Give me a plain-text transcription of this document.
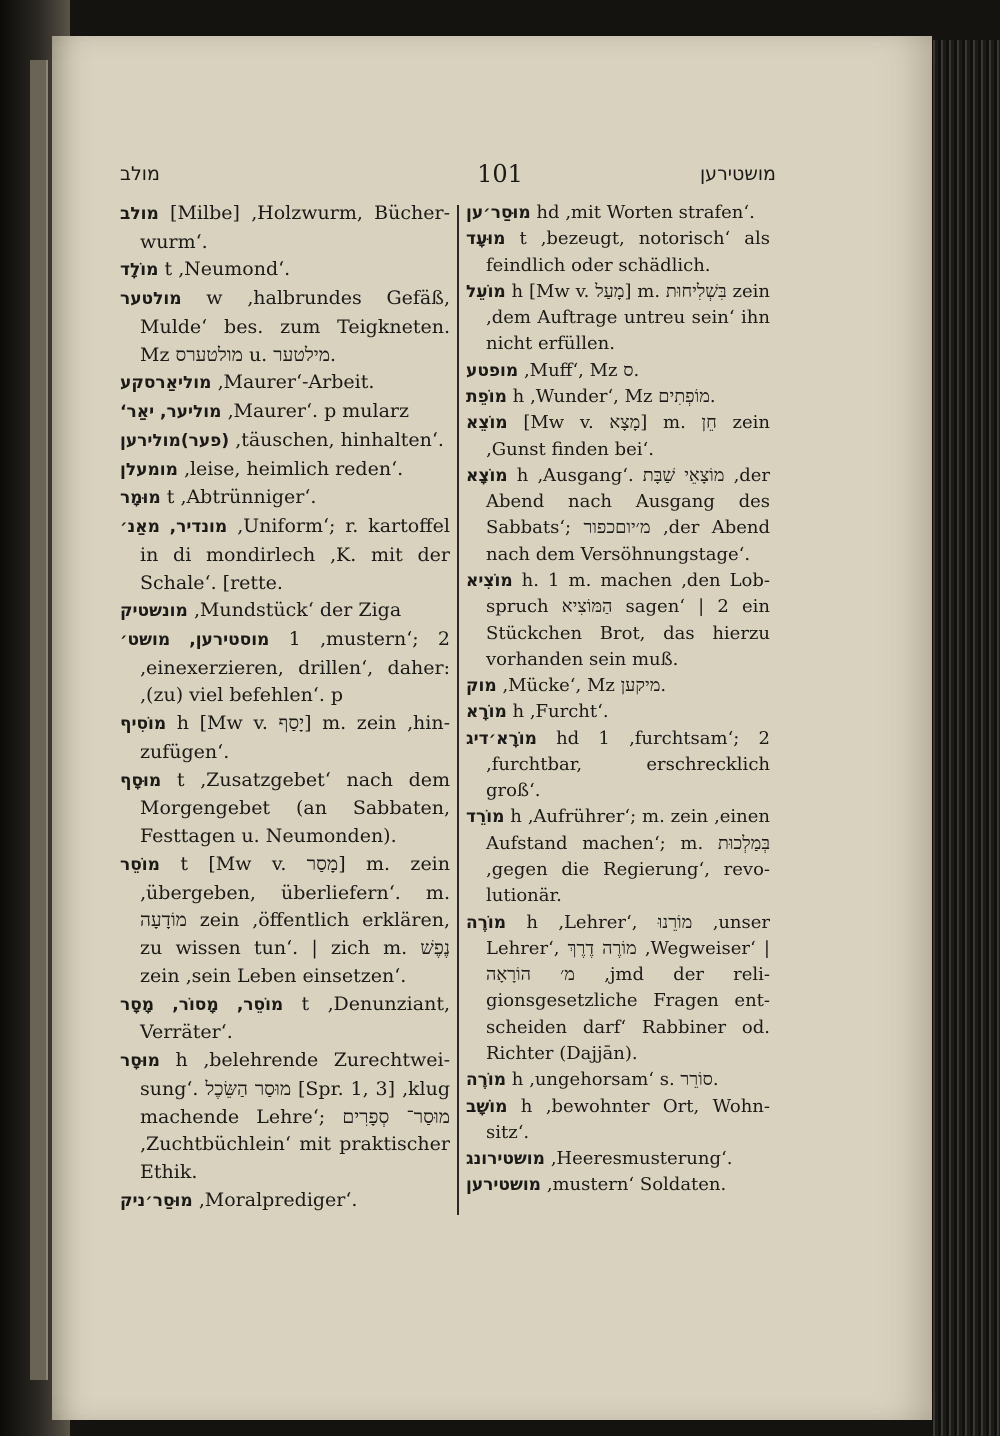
מולב	101	מושטירען
מולב [Milbe] ‚Holzwurm, Bücherwurm‘.
מוֹלָד t ‚Neumond‘.
מולטער w ‚halbrundes Gefäß, Mulde‘ bes. zum Teigkneten. Mz מולטערס u. מילטער.
מוליאַרסקע ‚Maurer‘-Arbeit.
מוליער, יאַר‘ ‚Maurer‘. p mularz
(פער)מולירען ‚täuschen, hinhalten‘.
מומעלן ‚leise, heimlich reden‘.
מוּמָר t ‚Abtrünniger‘.
מונדיר, מאַנ׳ ‚Uniform‘; r. kartoffel in di mondirlech ‚K. mit der Schale‘. [rette.
מונשטיק ‚Mundstück‘ der Ziga
מוסטירען, מושט׳ 1 ‚mustern‘; 2 ‚einexerzieren, drillen‘, daher: ‚(zu) viel befehlen‘. p
מוֹסִיף h [Mw v. יָסַף] m. zein ‚hinzufügen‘.
מוּסָף t ‚Zusatzgebet‘ nach dem Morgengebet (an Sabbaten, Festtagen u. Neumonden).
מוֹסֵר t [Mw v. מָסַר] m. zein ‚übergeben, überliefern‘. m. מוֹדָעָה zein ‚öffentlich erklären, zu wissen tun‘. | zich m. נֶפֶשׁ zein ‚sein Leben einsetzen‘.
מוֹסֵר, מָסוֹר, מָסָר t ‚Denunziant, Verräter‘.
מוּסָר h ‚belehrende Zurechtweisung‘. מוּסַר הַשֵּׂכֶל [Spr. 1, 3] ‚klug machende Lehre‘; מוּסַר־ סְפָרִים ‚Zuchtbüchlein‘ mit praktischer Ethik.
מוּסַר׳ניק ‚Moralprediger‘.
מוּסַר׳ען hd ‚mit Worten strafen‘.
מוּעָד t ‚bezeugt, notorisch‘ als feindlich oder schädlich.
מוֹעֵל h [Mw v. מָעַל] m. בִּשְׁלִיחוּת zein ‚dem Auftrage untreu sein‘ ihn nicht erfüllen.
מופטע ‚Muff‘, Mz ס.
מוֹפֵת h ‚Wunder‘, Mz מוֹפְתִים.
מוֹצֵא [Mw v. מָצָא] m. חֵן zein ‚Gunst finden bei‘.
מוֹצָא h ‚Ausgang‘. מוֹצָאֵי שַׁבָּת ‚der Abend nach Ausgang des Sabbats‘; מ׳יוםכפור ‚der Abend nach dem Versöhnungstage‘.
מוֹצִיא h. 1 m. machen ‚den Lobspruch הַמּוֹצִיא sagen‘ | 2 ein Stückchen Brot, das hierzu vorhanden sein muß.
מוק ‚Mücke‘, Mz מיקען.
מוֹרָא h ‚Furcht‘.
מוֹרָא׳דיג hd 1 ‚furchtsam‘; 2 ‚furchtbar, erschrecklich groß‘.
מוֹרֵד h ‚Aufrührer‘; m. zein ‚einen Aufstand machen‘; m. בְּמַלְכוּת ‚gegen die Regierung‘, revolutionär.
מוֹרֶה h ‚Lehrer‘, מוֹרֵנוּ ‚unser Lehrer‘, מוֹרֶה דֶרֶךְ ‚Wegweiser‘ | מ׳ הוֹרָאָה ‚jmd der religionsgesetzliche Fragen entscheiden darf‘ Rabbiner od. Richter (Dajjān).
מוֹרֶה h ‚ungehorsam‘ s. סוֹרֵר.
מוֹשָׁב h ‚bewohnter Ort, Wohnsitz‘.
מושטירונג ‚Heeresmusterung‘.
מושטירען ‚mustern‘ Soldaten.
